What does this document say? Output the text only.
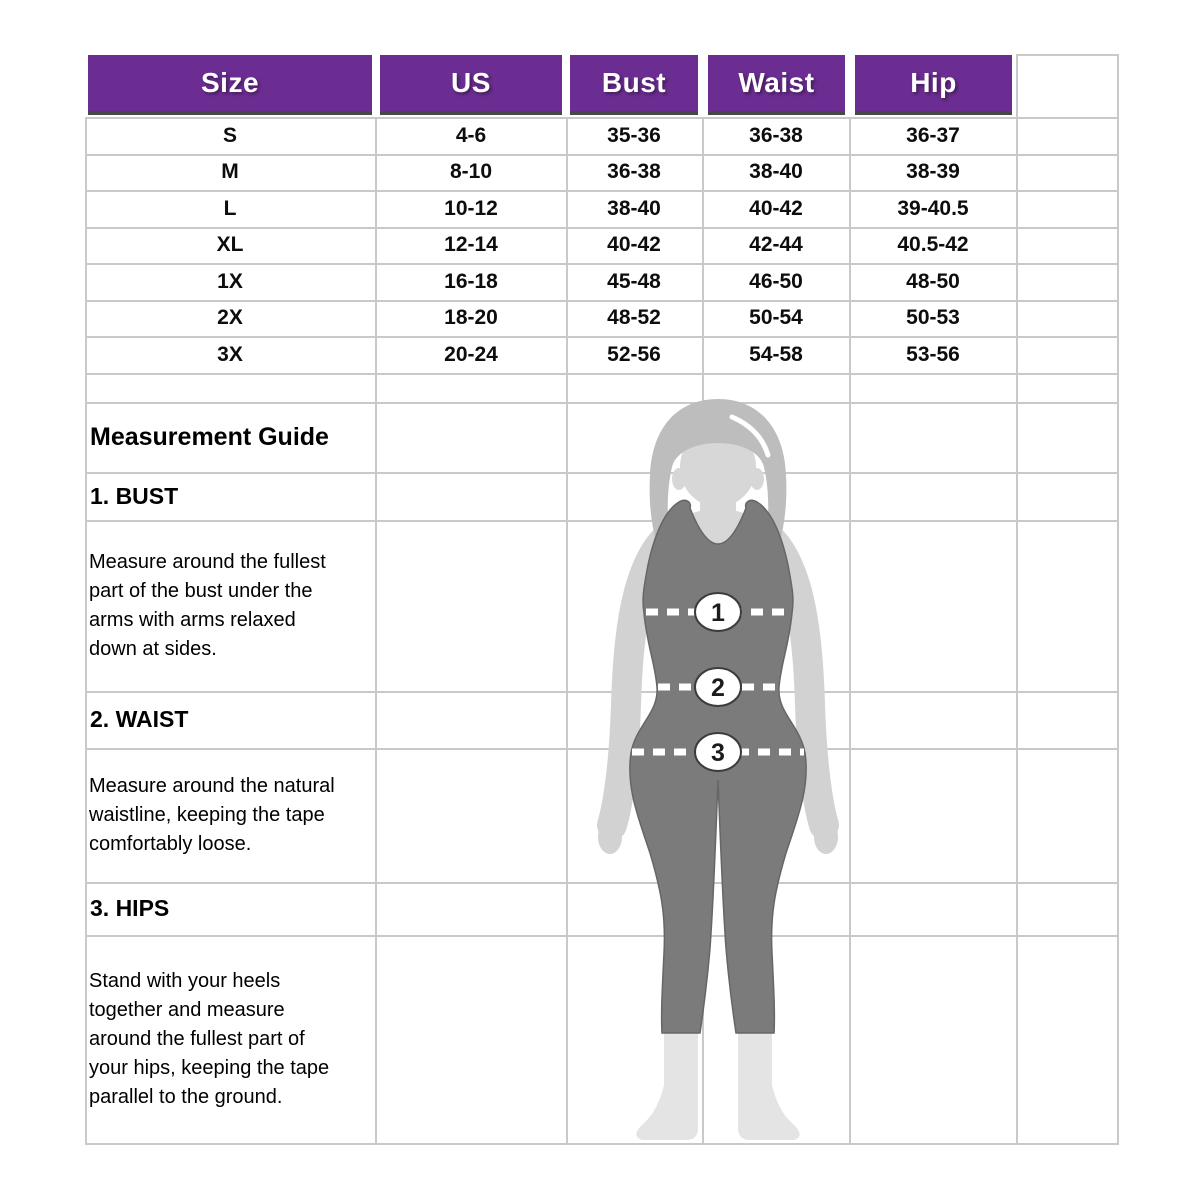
Size	US	Bust	Waist	Hip
S	4-6	35-36	36-38	36-37
M	8-10	36-38	38-40	38-39
L	10-12	38-40	40-42	39-40.5
XL	12-14	40-42	42-44	40.5-42
1X	16-18	45-48	46-50	48-50
2X	18-20	48-52	50-54	50-53
3X	20-24	52-56	54-58	53-56
Measurement Guide
1. BUST
Measure around the fullest part of the bust under the arms with arms relaxed down at sides.
2. WAIST
Measure around the natural waistline, keeping the tape comfortably loose.
3. HIPS
Stand with your heels together and measure around the fullest part of your hips, keeping the tape parallel to the ground.
1
2
3
